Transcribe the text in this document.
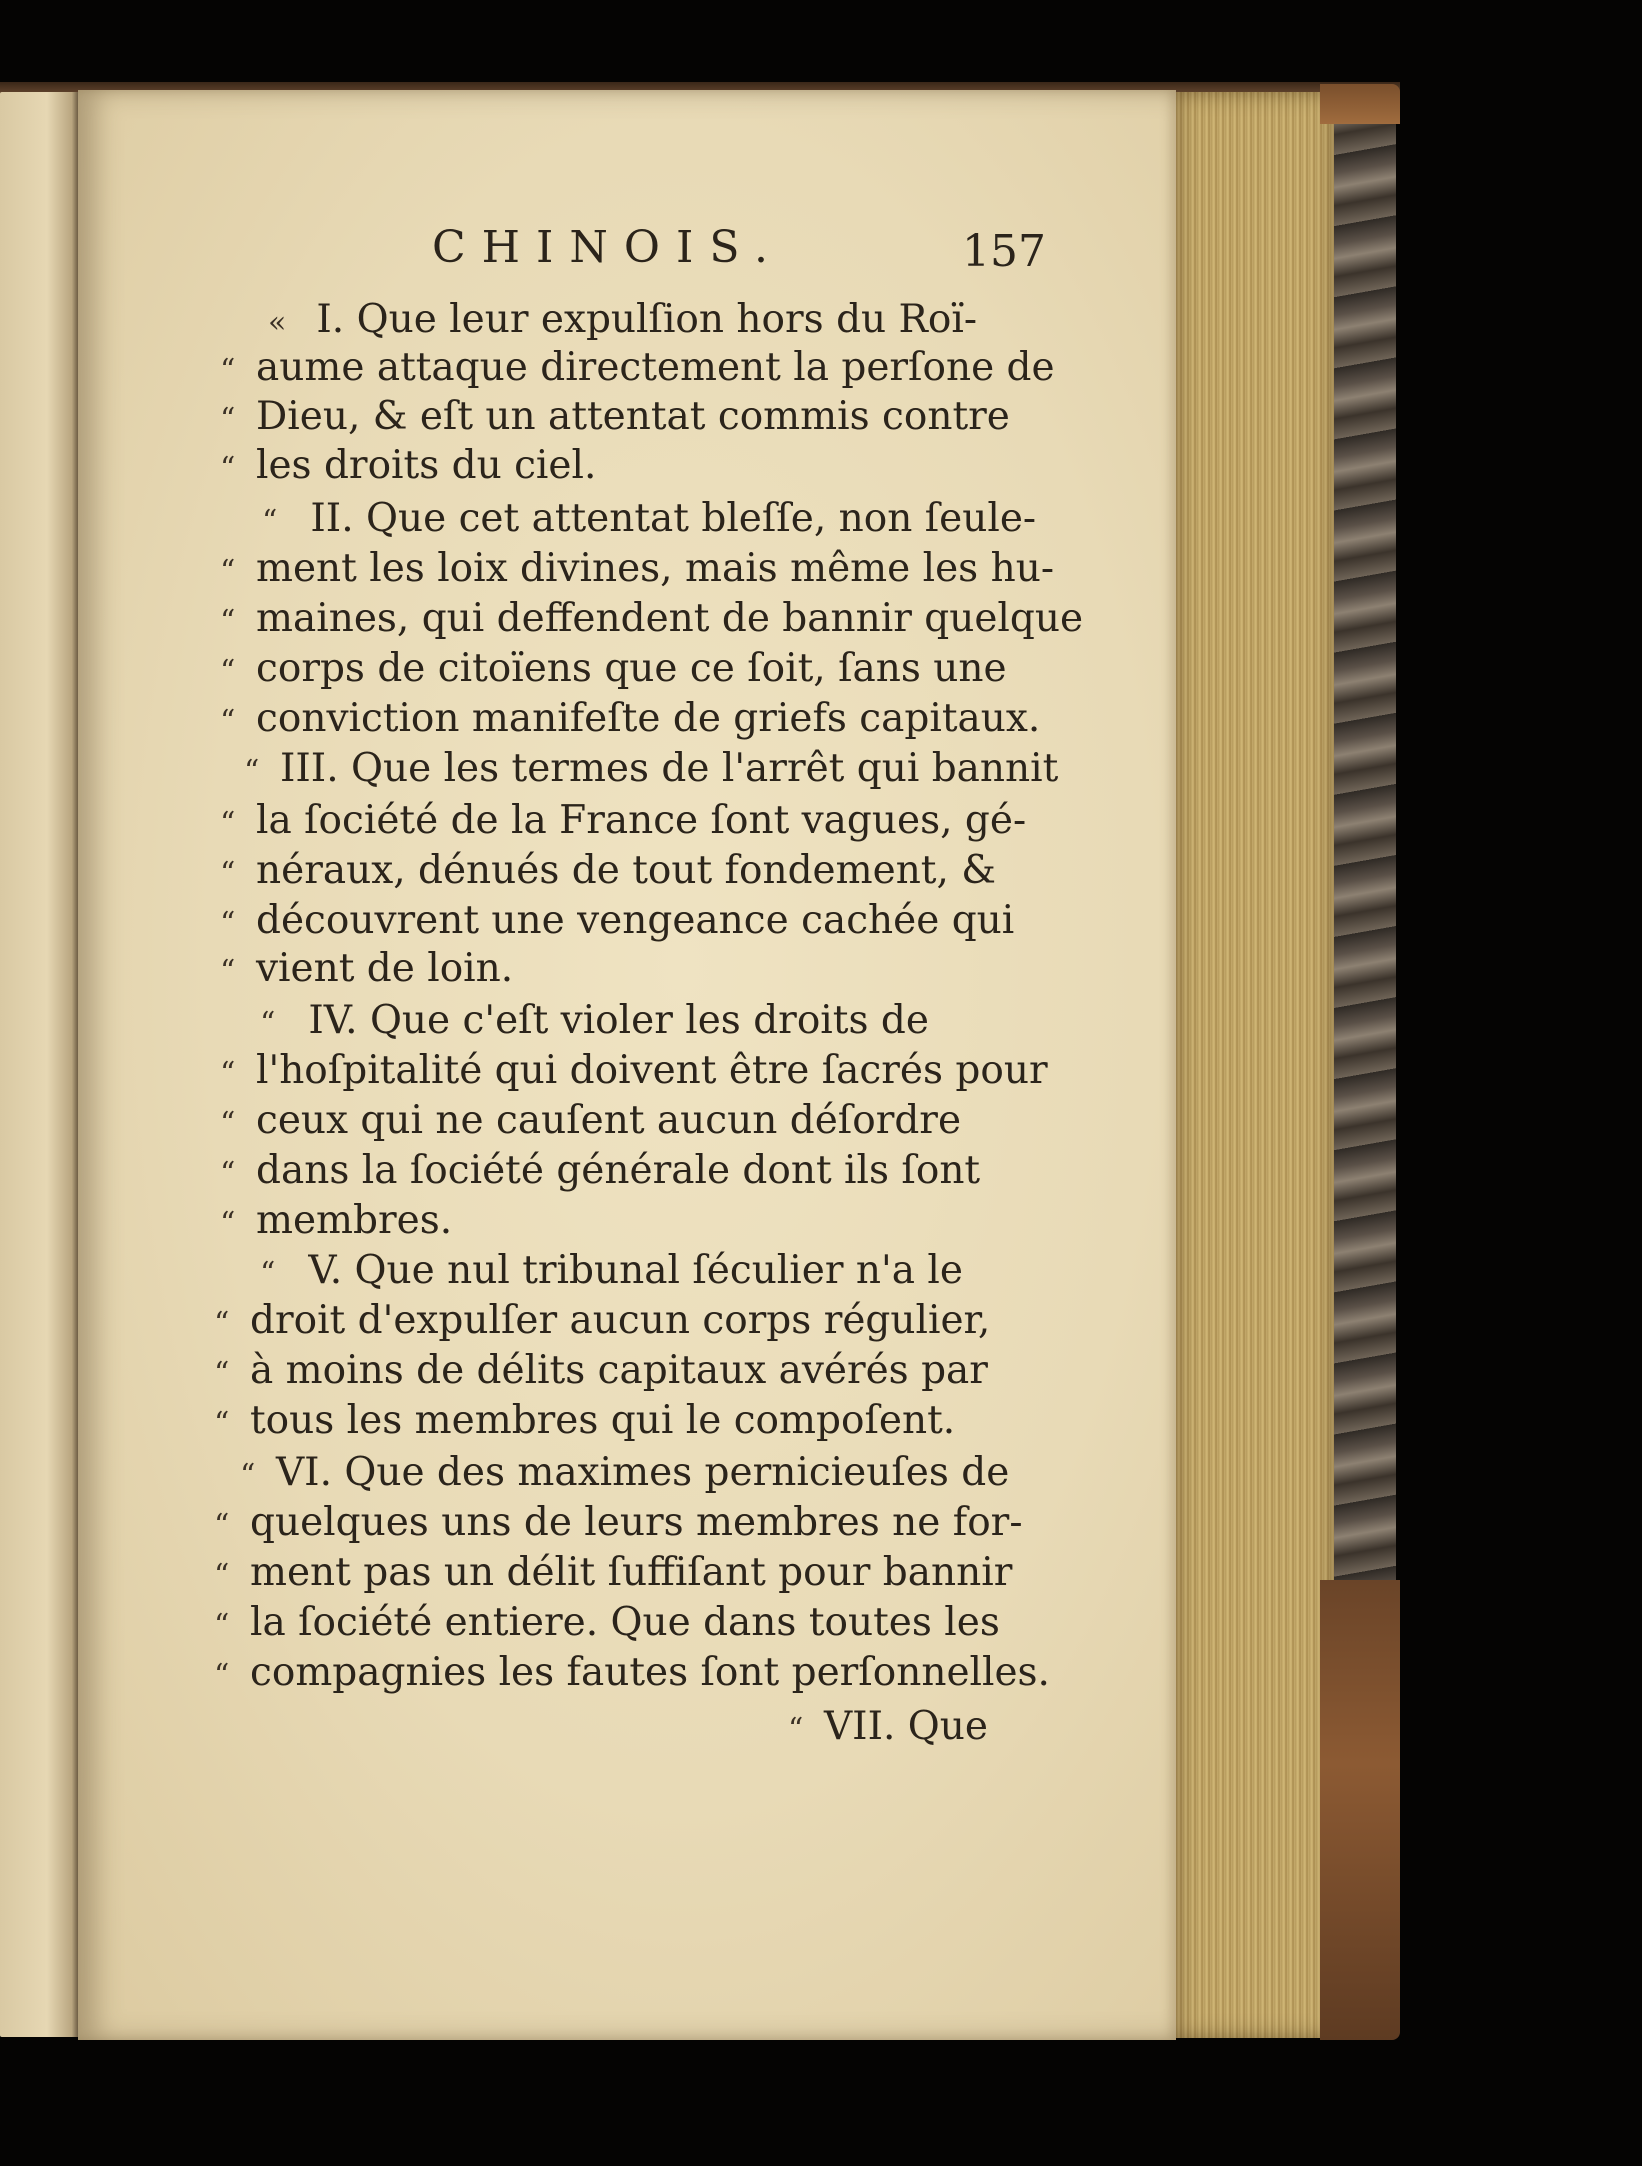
CHINOIS.	157
« I. Que leur expulſion hors du Roï-
“ aume attaque directement la perſone de
“ Dieu, & eſt un attentat commis contre
“ les droits du ciel.
“ II. Que cet attentat bleſſe, non ſeule-
“ ment les loix divines, mais même les hu-
“ maines, qui deffendent de bannir quelque
“ corps de citoïens que ce ſoit, ſans une
“ conviction manifeſte de griefs capitaux.
“ III. Que les termes de l'arrêt qui bannit
“ la ſociété de la France ſont vagues, gé-
“ néraux, dénués de tout fondement, &
“ découvrent une vengeance cachée qui
“ vient de loin.
“ IV. Que c'eſt violer les droits de
“ l'hoſpitalité qui doivent être ſacrés pour
“ ceux qui ne cauſent aucun déſordre
“ dans la ſociété générale dont ils ſont
“ membres.
“ V. Que nul tribunal ſéculier n'a le
“ droit d'expulſer aucun corps régulier,
“ à moins de délits capitaux avérés par
“ tous les membres qui le compoſent.
“ VI. Que des maximes pernicieuſes de
“ quelques uns de leurs membres ne for-
“ ment pas un délit ſuffiſant pour bannir
“ la ſociété entiere. Que dans toutes les
“ compagnies les fautes ſont perſonnelles.
“ VII. Que
